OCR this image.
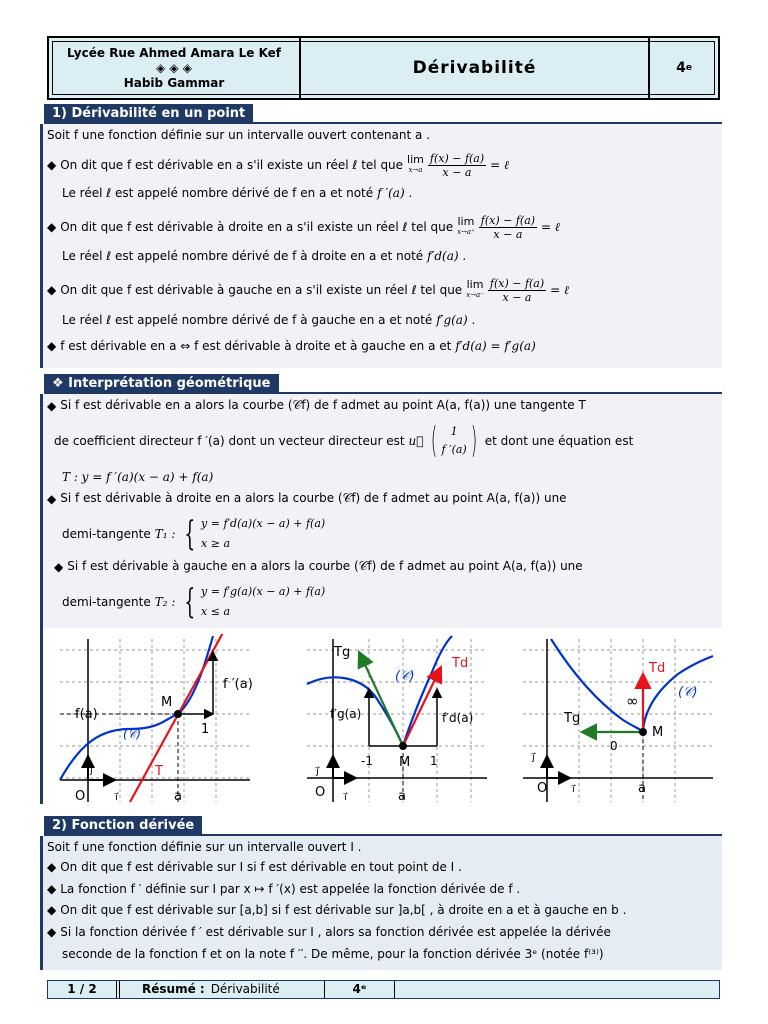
Lycée Rue Ahmed Amara Le Kef
◈ ◈ ◈
Habib Gammar
Dérivabilité	4 e
1) Dérivabilité en un point
Soit f une fonction définie sur un intervalle ouvert contenant a .
◆ On dit que f est dérivable en a s'il existe un réel ℓ tel que lim
$x\to a \frac{f(x) - f(a)}{x - a}$ = ℓ
Le réel ℓ est appelé nombre dérivé de f en a et noté f ′(a) .
◆ On dit que f est dérivable à droite en a s'il existe un réel ℓ tel que lim
$x\to a^+ \frac{f(x) - f(a)}{x - a}$ = ℓ
Le réel ℓ est appelé nombre dérivé de f à droite en a et noté f′d(a) .
◆ On dit que f est dérivable à gauche en a s'il existe un réel ℓ tel que lim
$x\to a^- \frac{f(x) - f(a)}{x - a}$ = ℓ
Le réel ℓ est appelé nombre dérivé de f à gauche en a et noté f′g(a) .
◆ f est dérivable en a ⇔ f est dérivable à droite et à gauche en a et f′d(a) = f′g(a)
❖ Interprétation géométrique
◆ Si f est dérivable en a alors la courbe (𝒞f) de f admet au point A(a, f(a)) une tangente T
de coefficient directeur f ′(a) dont un vecteur directeur est u⃗ ( 1
f ′(a) ) et dont une équation est
T : y = f ′(a)(x − a) + f(a)
◆ Si f est dérivable à droite en a alors la courbe (𝒞f) de f admet au point A(a, f(a)) une
demi-tangente T₁ : { y = f′d(a)(x − a) + f(a)
x ≥ a
◆ Si f est dérivable à gauche en a alors la courbe (𝒞f) de f admet au point A(a, f(a)) une
demi-tangente T₂ : { y = f′g(a)(x − a) + f(a)
x ≤ a
f(a)
f ′(a)
M
(𝒞)	1
T
j⃗
i⃗
O	a
Tg
Td
(𝒞)
f′g(a)	f′d(a)
-1	1
M
j⃗
i⃗
O	a
Td
∞	(𝒞)
Tg
0
M
j⃗
i⃗
O	a
2) Fonction dérivée
Soit f une fonction définie sur un intervalle ouvert I .
◆ On dit que f est dérivable sur I si f est dérivable en tout point de I .
◆ La fonction f ′ définie sur I par x ↦ f ′(x) est appelée la fonction dérivée de f .
◆ On dit que f est dérivable sur [a,b] si f est dérivable sur ]a,b[ , à droite en a et à gauche en b .
◆ Si la fonction dérivée f ′ est dérivable sur I , alors sa fonction dérivée est appelée la dérivée
seconde de la fonction f et on la note f ′′. De même, pour la fonction dérivée 3ᵉ (notée f⁽³⁾)
1 / 2	Résumé : Dérivabilité	4ᵉ
